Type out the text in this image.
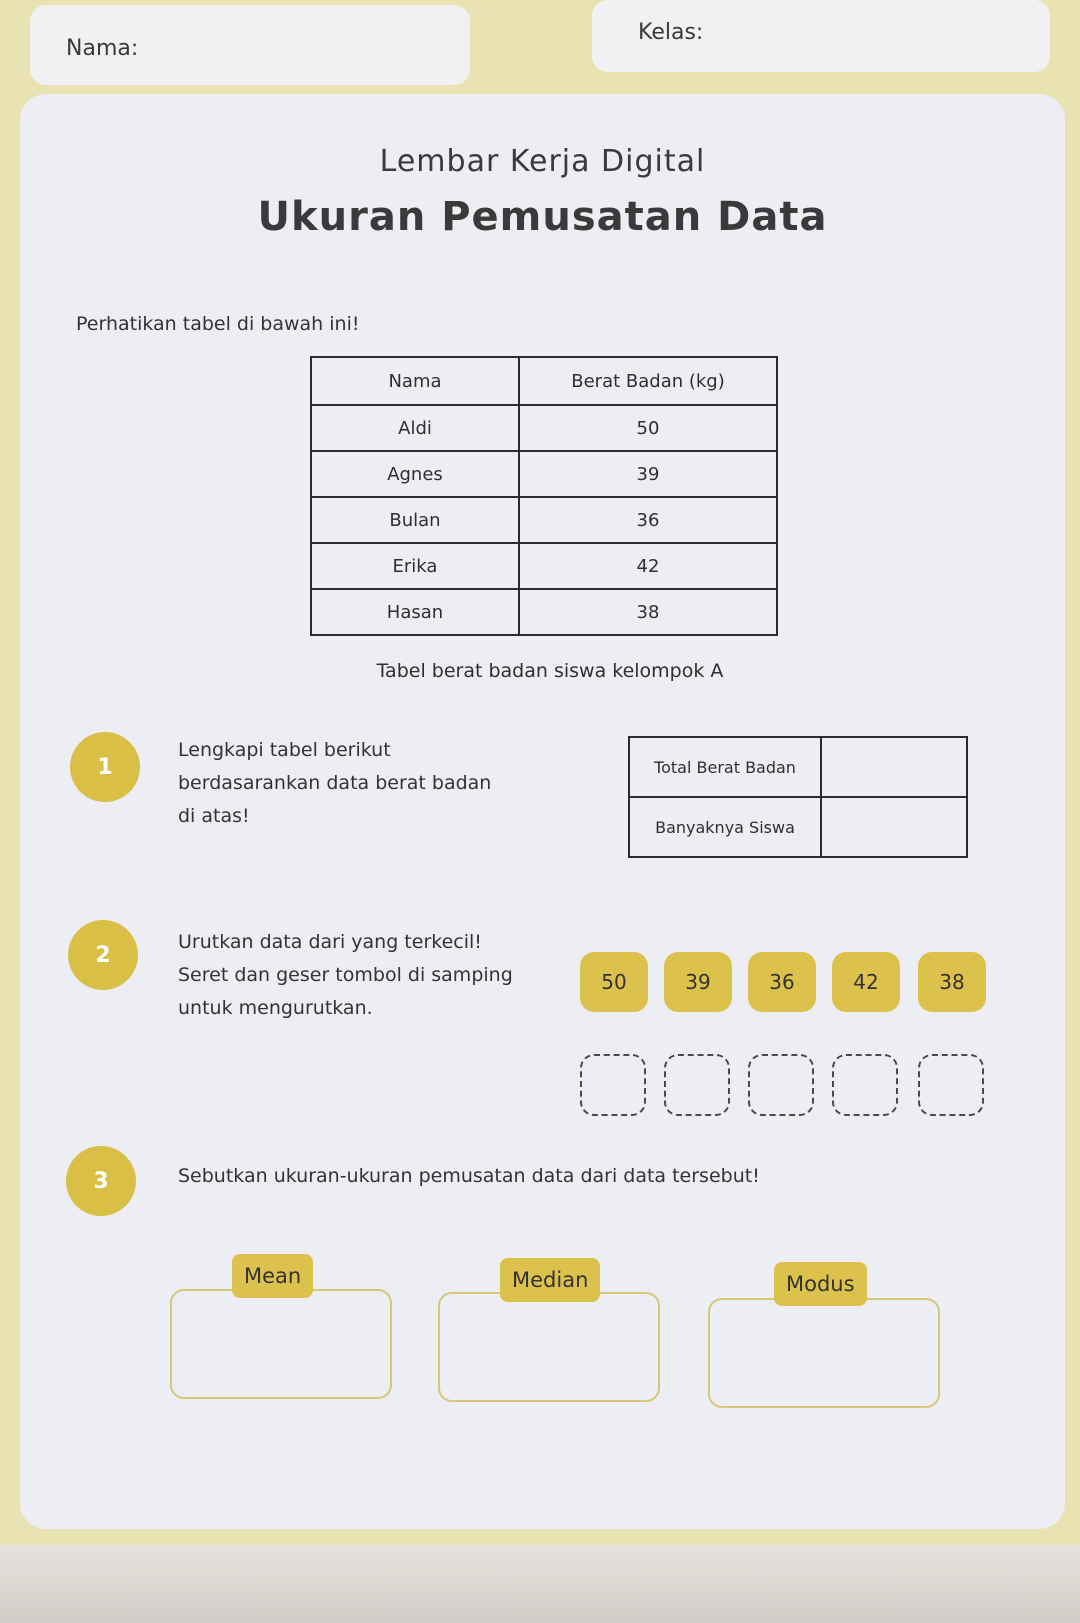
Nama:
Kelas:
Lembar Kerja Digital
Ukuran Pemusatan Data
Perhatikan tabel di bawah ini!
Nama	Berat Badan (kg)
Aldi	50
Agnes	39
Bulan	36
Erika	42
Hasan	38
Tabel berat badan siswa kelompok A
1
Lengkapi tabel berikut
berdasarankan data berat badan
di atas!
Total Berat Badan	
Banyaknya Siswa	
2
Urutkan data dari yang terkecil!
Seret dan geser tombol di samping
untuk mengurutkan.
50	39	36	42	38
3	Sebutkan ukuran-ukuran pemusatan data dari data tersebut!
Mean	Median	Modus
